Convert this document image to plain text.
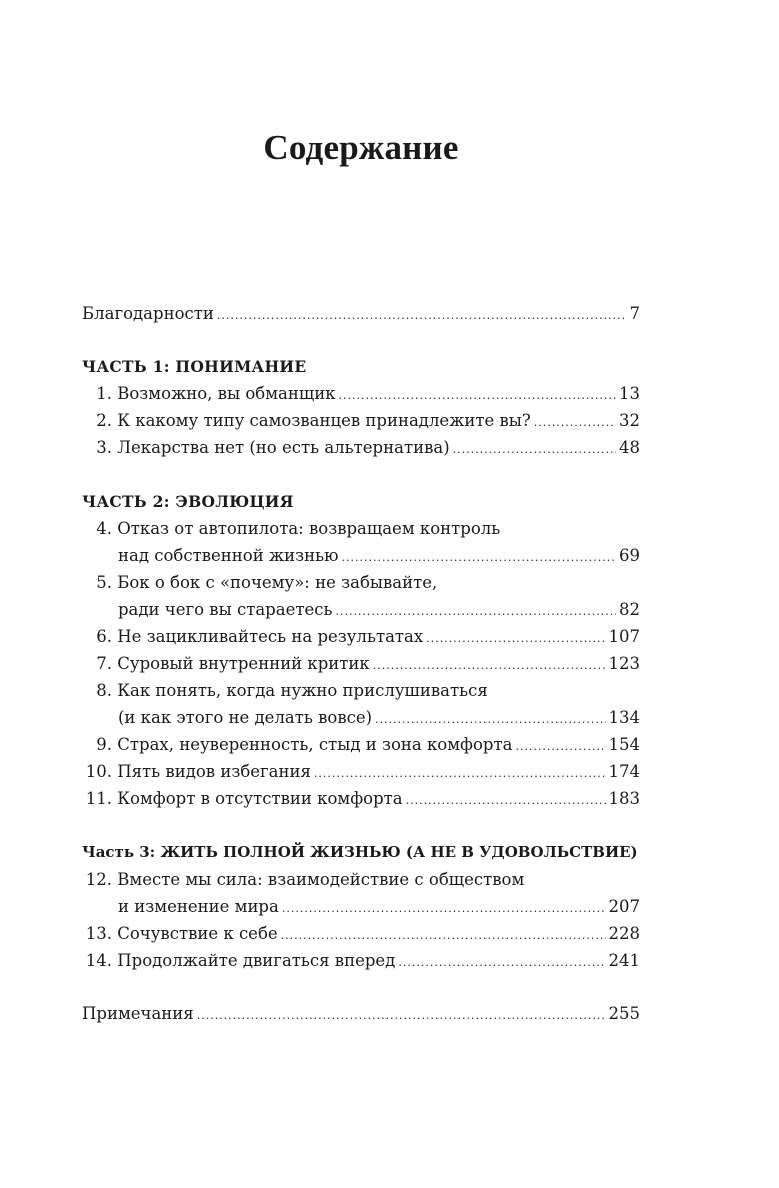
Содержание
Благодарности .....	7
ЧАСТЬ 1: ПОНИМАНИЕ
1. Возможно, вы обманщик .....	13
2. К какому типу самозванцев принадлежите вы? .....	32
3. Лекарства нет (но есть альтернатива) .....	48
ЧАСТЬ 2: ЭВОЛЮЦИЯ
4. Отказ от автопилота: возвращаем контроль
над собственной жизнью .....	69
5. Бок о бок с «почему»: не забывайте,
ради чего вы стараетесь .....	82
6. Не зацикливайтесь на результатах .....	107
7. Суровый внутренний критик .....	123
8. Как понять, когда нужно прислушиваться
(и как этого не делать вовсе) .....	134
9. Страх, неуверенность, стыд и зона комфорта .....	154
10. Пять видов избегания .....	174
11. Комфорт в отсутствии комфорта .....	183
Часть 3: ЖИТЬ ПОЛНОЙ ЖИЗНЬЮ (А НЕ В УДОВОЛЬСТВИЕ)
12. Вместе мы сила: взаимодействие с обществом
и изменение мира .....	207
13. Сочувствие к себе .....	228
14. Продолжайте двигаться вперед .....	241
Примечания .....	255
